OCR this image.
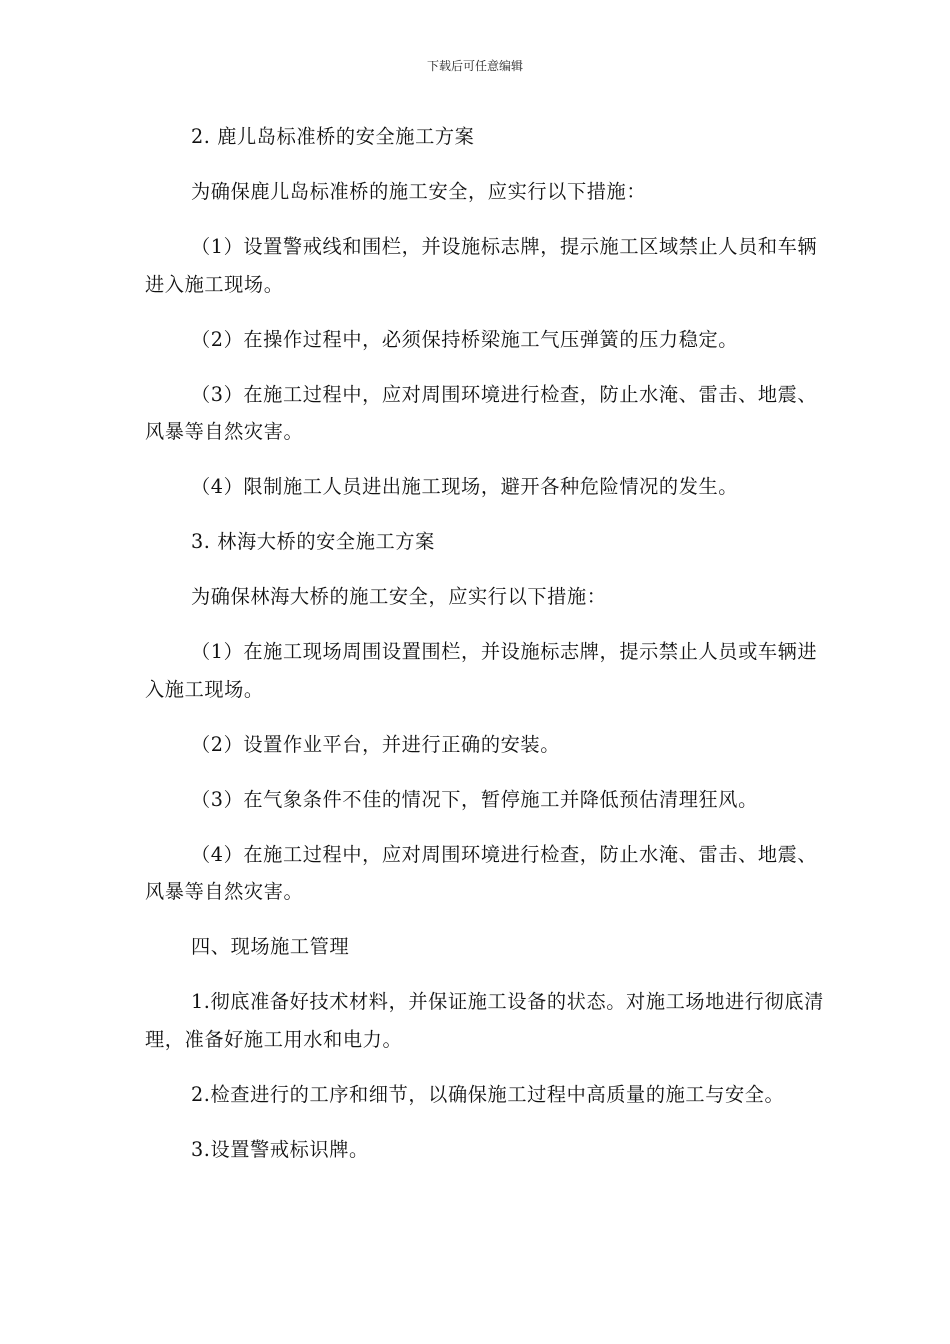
下载后可任意编辑

2. 鹿儿岛标准桥的安全施工方案

为确保鹿儿岛标准桥的施工安全，应实行以下措施：

（1）设置警戒线和围栏，并设施标志牌，提示施工区域禁止人员和车辆进入施工现场。

（2）在操作过程中，必须保持桥梁施工气压弹簧的压力稳定。

（3）在施工过程中，应对周围环境进行检查，防止水淹、雷击、地震、风暴等自然灾害。

（4）限制施工人员进出施工现场，避开各种危险情况的发生。

3. 林海大桥的安全施工方案

为确保林海大桥的施工安全，应实行以下措施：

（1）在施工现场周围设置围栏，并设施标志牌，提示禁止人员或车辆进入施工现场。

（2）设置作业平台，并进行正确的安装。

（3）在气象条件不佳的情况下，暂停施工并降低预估清理狂风。

（4）在施工过程中，应对周围环境进行检查，防止水淹、雷击、地震、风暴等自然灾害。

四、现场施工管理

1.彻底准备好技术材料，并保证施工设备的状态。对施工场地进行彻底清理，准备好施工用水和电力。

2.检查进行的工序和细节，以确保施工过程中高质量的施工与安全。

3.设置警戒标识牌。
